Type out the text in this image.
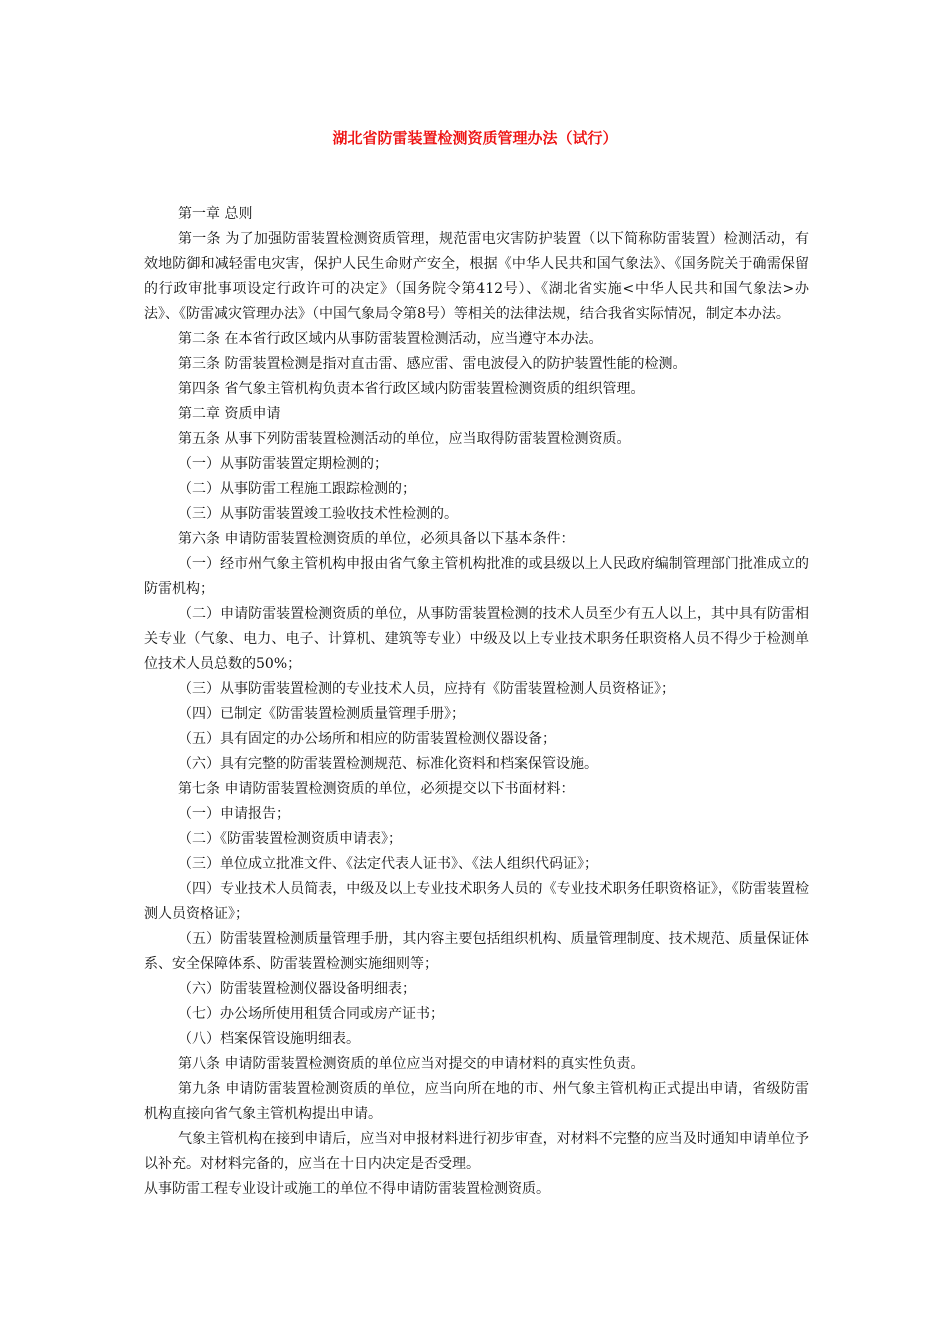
湖北省防雷装置检测资质管理办法（试行）

第一章 总则

第一条 为了加强防雷装置检测资质管理，规范雷电灾害防护装置（以下简称防雷装置）检测活动，有效地防御和减轻雷电灾害，保护人民生命财产安全，根据《中华人民共和国气象法》、《国务院关于确需保留的行政审批事项设定行政许可的决定》（国务院令第412号）、《湖北省实施<中华人民共和国气象法>办法》、《防雷减灾管理办法》（中国气象局令第8号）等相关的法律法规，结合我省实际情况，制定本办法。

第二条 在本省行政区域内从事防雷装置检测活动，应当遵守本办法。

第三条 防雷装置检测是指对直击雷、感应雷、雷电波侵入的防护装置性能的检测。

第四条 省气象主管机构负责本省行政区域内防雷装置检测资质的组织管理。

第二章 资质申请

第五条 从事下列防雷装置检测活动的单位，应当取得防雷装置检测资质。

（一）从事防雷装置定期检测的；

（二）从事防雷工程施工跟踪检测的；

（三）从事防雷装置竣工验收技术性检测的。

第六条 申请防雷装置检测资质的单位，必须具备以下基本条件：

（一）经市州气象主管机构申报由省气象主管机构批准的或县级以上人民政府编制管理部门批准成立的防雷机构；

（二）申请防雷装置检测资质的单位，从事防雷装置检测的技术人员至少有五人以上，其中具有防雷相关专业（气象、电力、电子、计算机、建筑等专业）中级及以上专业技术职务任职资格人员不得少于检测单位技术人员总数的50%；

（三）从事防雷装置检测的专业技术人员，应持有《防雷装置检测人员资格证》；

（四）已制定《防雷装置检测质量管理手册》；

（五）具有固定的办公场所和相应的防雷装置检测仪器设备；

（六）具有完整的防雷装置检测规范、标准化资料和档案保管设施。

第七条 申请防雷装置检测资质的单位，必须提交以下书面材料：

（一）申请报告；

（二）《防雷装置检测资质申请表》；

（三）单位成立批准文件、《法定代表人证书》、《法人组织代码证》；

（四）专业技术人员简表，中级及以上专业技术职务人员的《专业技术职务任职资格证》，《防雷装置检测人员资格证》；

（五）防雷装置检测质量管理手册，其内容主要包括组织机构、质量管理制度、技术规范、质量保证体系、安全保障体系、防雷装置检测实施细则等；

（六）防雷装置检测仪器设备明细表；

（七）办公场所使用租赁合同或房产证书；

（八）档案保管设施明细表。

第八条 申请防雷装置检测资质的单位应当对提交的申请材料的真实性负责。

第九条 申请防雷装置检测资质的单位，应当向所在地的市、州气象主管机构正式提出申请，省级防雷机构直接向省气象主管机构提出申请。

气象主管机构在接到申请后，应当对申报材料进行初步审查，对材料不完整的应当及时通知申请单位予以补充。对材料完备的，应当在十日内决定是否受理。

从事防雷工程专业设计或施工的单位不得申请防雷装置检测资质。
